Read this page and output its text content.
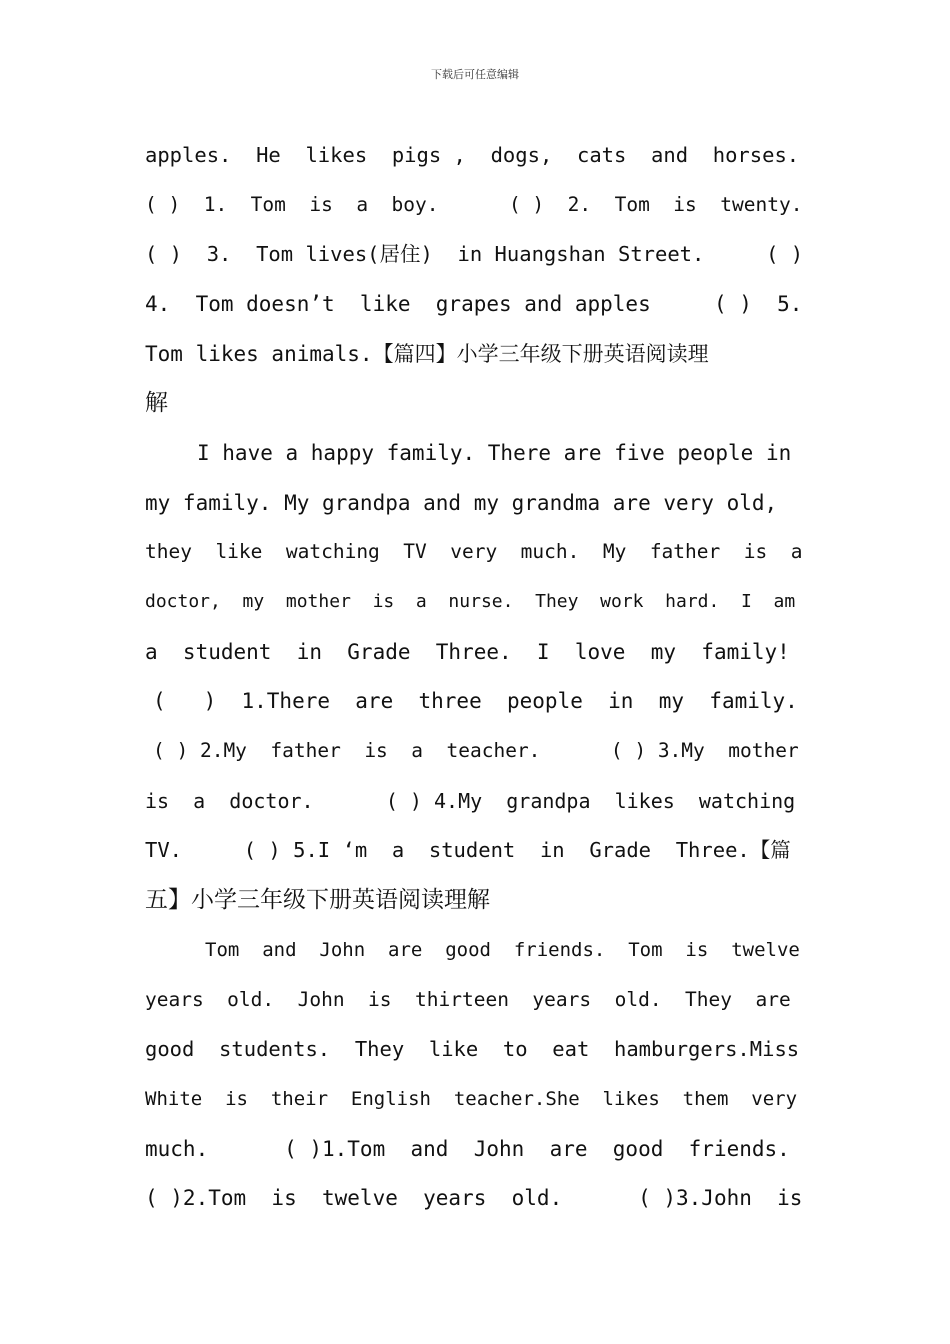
下载后可任意编辑
apples.  He  likes  pigs ,  dogs,  cats  and  horses.
( )  1.  Tom  is  a  boy.      ( )  2.  Tom  is  twenty.
( )  3.  Tom lives(居住)  in Huangshan Street.     ( )
4.  Tom doesn’t  like  grapes and apples     ( )  5.
Tom likes animals.【篇四】小学三年级下册英语阅读理
解
I have a happy family. There are five people in
my family. My grandpa and my grandma are very old,
they  like  watching  TV  very  much.  My  father  is  a
doctor,  my  mother  is  a  nurse.  They  work  hard.  I  am
a  student  in  Grade  Three.  I  love  my  family!
(   )  1.There  are  three  people  in  my  family.
( ) 2.My  father  is  a  teacher.      ( ) 3.My  mother
is  a  doctor.      ( ) 4.My  grandpa  likes  watching
TV.     ( ) 5.I ‘m  a  student  in  Grade  Three.【篇
五】小学三年级下册英语阅读理解
Tom  and  John  are  good  friends.  Tom  is  twelve
years  old.  John  is  thirteen  years  old.  They  are
good  students.  They  like  to  eat  hamburgers.Miss
White  is  their  English  teacher.She  likes  them  very
much.      ( )1.Tom  and  John  are  good  friends.
( )2.Tom  is  twelve  years  old.      ( )3.John  is
